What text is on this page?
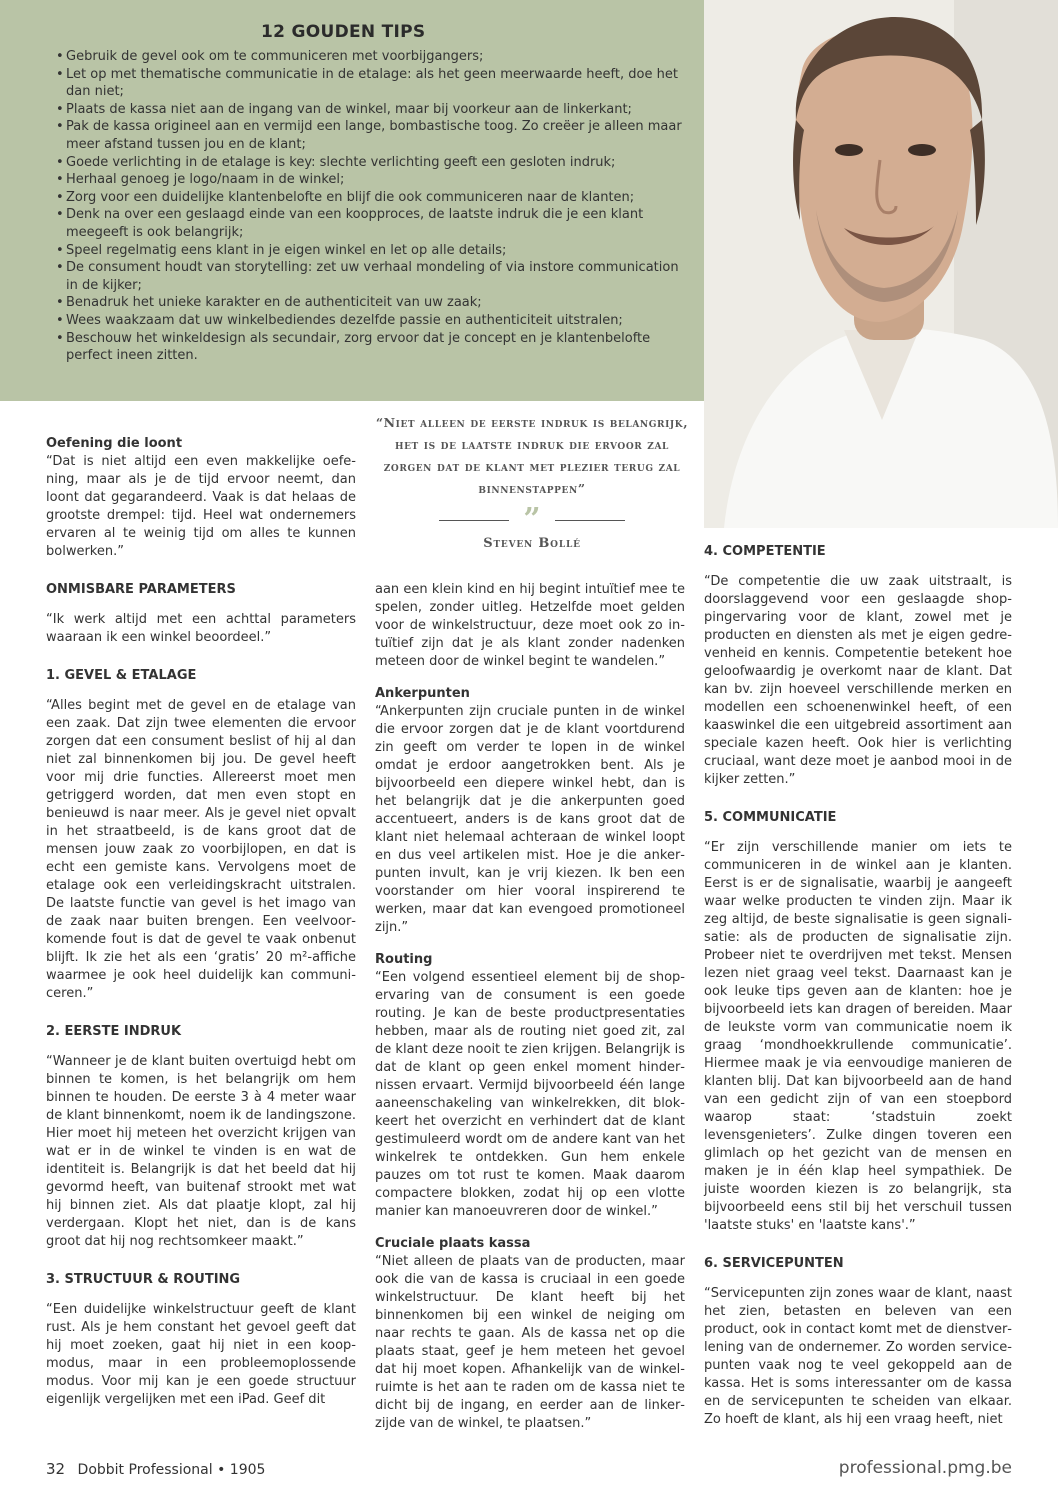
12 GOUDEN TIPS
• Gebruik de gevel ook om te communiceren met voorbijgangers;
• Let op met thematische communicatie in de etalage: als het geen meerwaarde heeft, doe het dan niet;
• Plaats de kassa niet aan de ingang van de winkel, maar bij voorkeur aan de linkerkant;
• Pak de kassa origineel aan en vermijd een lange, bombastische toog. Zo creëer je alleen maar meer afstand tussen jou en de klant;
• Goede verlichting in de etalage is key: slechte verlichting geeft een gesloten indruk;
• Herhaal genoeg je logo/naam in de winkel;
• Zorg voor een duidelijke klantenbelofte en blijf die ook communiceren naar de klanten;
• Denk na over een geslaagd einde van een koopproces, de laatste indruk die je een klant meegeeft is ook belangrijk;
• Speel regelmatig eens klant in je eigen winkel en let op alle details;
• De consument houdt van storytelling: zet uw verhaal mondeling of via instore communication in de kijker;
• Benadruk het unieke karakter en de authenticiteit van uw zaak;
• Wees waakzaam dat uw winkelbediendes dezelfde passie en authenticiteit uitstralen;
• Beschouw het winkeldesign als secundair, zorg ervoor dat je concept en je klantenbelofte perfect ineen zitten.
“Niet alleen de eerste indruk is belangrijk, het is de laatste indruk die ervoor zal zorgen dat de klant met plezier terug zal binnenstappen”
”
Steven Bollé
Oefening die loont

“Dat is niet altijd een even makkelijke oefening, maar als je de tijd ervoor neemt, dan loont dat gegarandeerd. Vaak is dat helaas de grootste drempel: tijd. Heel wat ondernemers ervaren al te weinig tijd om alles te kunnen bolwerken.”

ONMISBARE PARAMETERS

“Ik werk altijd met een achttal parameters waaraan ik een winkel beoordeel.”

1. GEVEL & ETALAGE

“Alles begint met de gevel en de etalage van een zaak. Dat zijn twee elementen die ervoor zorgen dat een consument beslist of hij al dan niet zal binnenkomen bij jou. De gevel heeft voor mij drie functies. Allereerst moet men getriggerd worden, dat men even stopt en benieuwd is naar meer. Als je gevel niet opvalt in het straatbeeld, is de kans groot dat de mensen jouw zaak zo voorbijlopen, en dat is echt een gemiste kans. Vervolgens moet de etalage ook een verleidingskracht uitstralen. De laatste functie van gevel is het imago van de zaak naar buiten brengen. Een veelvoorkomende fout is dat de gevel te vaak onbenut blijft. Ik zie het als een ‘gratis’ 20 m²-affiche waarmee je ook heel duidelijk kan communiceren.”

2. EERSTE INDRUK

“Wanneer je de klant buiten overtuigd hebt om binnen te komen, is het belangrijk om hem binnen te houden. De eerste 3 à 4 meter waar de klant binnenkomt, noem ik de landingszone. Hier moet hij meteen het overzicht krijgen van wat er in de winkel te vinden is en wat de identiteit is. Belangrijk is dat het beeld dat hij gevormd heeft, van buitenaf strookt met wat hij binnen ziet. Als dat plaatje klopt, zal hij verdergaan. Klopt het niet, dan is de kans groot dat hij nog rechtsomkeer maakt.”

3. STRUCTUUR & ROUTING

“Een duidelijke winkelstructuur geeft de klant rust. Als je hem constant het gevoel geeft dat hij moet zoeken, gaat hij niet in een koopmodus, maar in een probleemoplossende modus. Voor mij kan je een goede structuur eigenlijk vergelijken met een iPad. Geef dit

aan een klein kind en hij begint intuïtief mee te spelen, zonder uitleg. Hetzelfde moet gelden voor de winkelstructuur, deze moet ook zo intuïtief zijn dat je als klant zonder nadenken meteen door de winkel begint te wandelen.”

Ankerpunten

“Ankerpunten zijn cruciale punten in de winkel die ervoor zorgen dat je de klant voortdurend zin geeft om verder te lopen in de winkel omdat je erdoor aangetrokken bent. Als je bijvoorbeeld een diepere winkel hebt, dan is het belangrijk dat je die ankerpunten goed accentueert, anders is de kans groot dat de klant niet helemaal achteraan de winkel loopt en dus veel artikelen mist. Hoe je die ankerpunten invult, kan je vrij kiezen. Ik ben een voorstander om hier vooral inspirerend te werken, maar dat kan evengoed promotioneel zijn.”

Routing

“Een volgend essentieel element bij de shopervaring van de consument is een goede routing. Je kan de beste productpresentaties hebben, maar als de routing niet goed zit, zal de klant deze nooit te zien krijgen. Belangrijk is dat de klant op geen enkel moment hindernissen ervaart. Vermijd bijvoorbeeld één lange aaneenschakeling van winkelrekken, dit blokkeert het overzicht en verhindert dat de klant gestimuleerd wordt om de andere kant van het winkelrek te ontdekken. Gun hem enkele pauzes om tot rust te komen. Maak daarom compactere blokken, zodat hij op een vlotte manier kan manoeuvreren door de winkel.”

Cruciale plaats kassa

“Niet alleen de plaats van de producten, maar ook die van de kassa is cruciaal in een goede winkelstructuur. De klant heeft bij het binnenkomen bij een winkel de neiging om naar rechts te gaan. Als de kassa net op die plaats staat, geef je hem meteen het gevoel dat hij moet kopen. Afhankelijk van de winkelruimte is het aan te raden om de kassa niet te dicht bij de ingang, en eerder aan de linkerzijde van de winkel, te plaatsen.”

4. COMPETENTIE

“De competentie die uw zaak uitstraalt, is doorslaggevend voor een geslaagde shoppingervaring voor de klant, zowel met je producten en diensten als met je eigen gedrevenheid en kennis. Competentie betekent hoe geloofwaardig je overkomt naar de klant. Dat kan bv. zijn hoeveel verschillende merken en modellen een schoenenwinkel heeft, of een kaaswinkel die een uitgebreid assortiment aan speciale kazen heeft. Ook hier is verlichting cruciaal, want deze moet je aanbod mooi in de kijker zetten.”

5. COMMUNICATIE

“Er zijn verschillende manier om iets te communiceren in de winkel aan je klanten. Eerst is er de signalisatie, waarbij je aangeeft waar welke producten te vinden zijn. Maar ik zeg altijd, de beste signalisatie is geen signalisatie: als de producten de signalisatie zijn. Probeer niet te overdrijven met tekst. Mensen lezen niet graag veel tekst. Daarnaast kan je ook leuke tips geven aan de klanten: hoe je bijvoorbeeld iets kan dragen of bereiden. Maar de leukste vorm van communicatie noem ik graag ‘mondhoekkrullende communicatie’. Hiermee maak je via eenvoudige manieren de klanten blij. Dat kan bijvoorbeeld aan de hand van een gedicht zijn of van een stoepbord waarop staat: ‘stadstuin zoekt levensgenieters’. Zulke dingen toveren een glimlach op het gezicht van de mensen en maken je in één klap heel sympathiek. De juiste woorden kiezen is zo belangrijk, sta bijvoorbeeld eens stil bij het verschuil tussen 'laatste stuks' en 'laatste kans'.”

6. SERVICEPUNTEN

“Servicepunten zijn zones waar de klant, naast het zien, betasten en beleven van een product, ook in contact komt met de dienstverlening van de ondernemer. Zo worden servicepunten vaak nog te veel gekoppeld aan de kassa. Het is soms interessanter om de kassa en de servicepunten te scheiden van elkaar. Zo hoeft de klant, als hij een vraag heeft, niet

32 Dobbit Professional • 1905	professional.pmg.be
